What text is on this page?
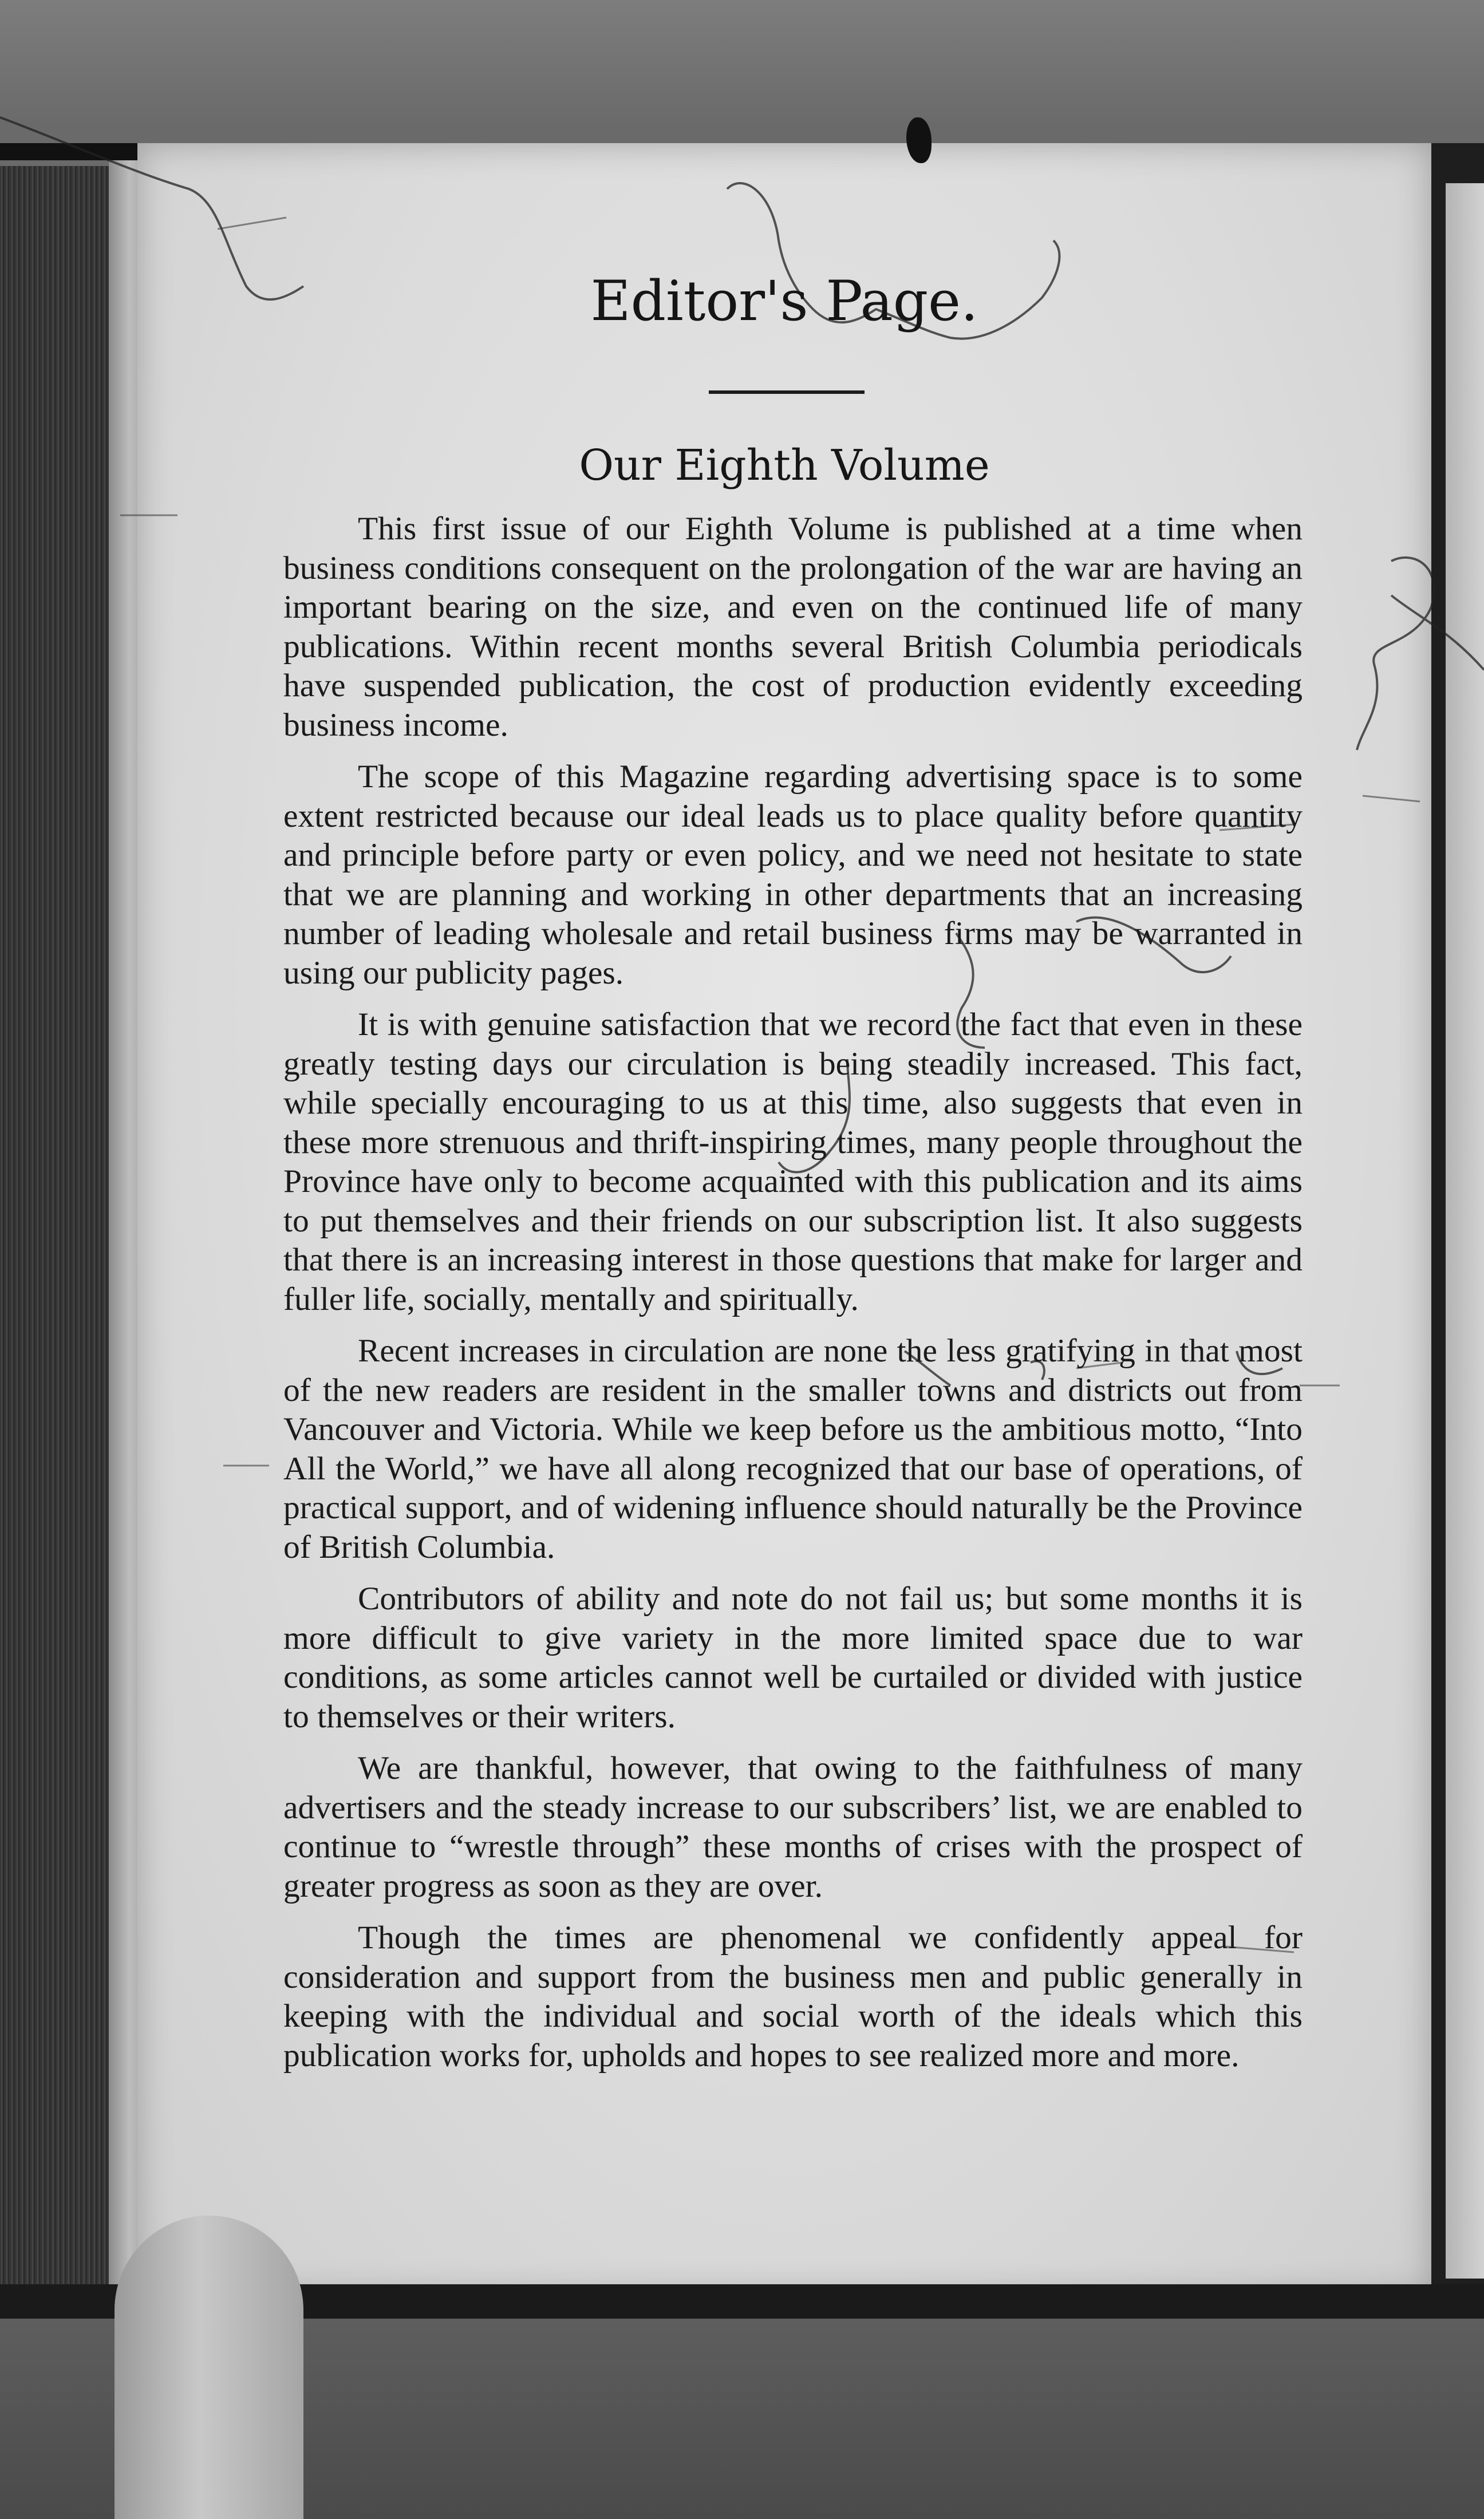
Editor's Page.
Our Eighth Volume

This first issue of our Eighth Volume is published at a time when business conditions consequent on the prolongation of the war are having an important bearing on the size, and even on the continued life of many publications. Within recent months several British Columbia periodicals have suspended publication, the cost of production evidently exceeding business income.

The scope of this Magazine regarding advertising space is to some extent restricted because our ideal leads us to place quality before quantity and principle before party or even policy, and we need not hesitate to state that we are planning and working in other departments that an increasing number of leading wholesale and retail business firms may be warranted in using our publicity pages.

It is with genuine satisfaction that we record the fact that even in these greatly testing days our circulation is being steadily increased. This fact, while specially encouraging to us at this time, also suggests that even in these more strenuous and thrift-inspiring times, many people throughout the Province have only to become acquainted with this publication and its aims to put themselves and their friends on our subscription list. It also suggests that there is an increasing interest in those questions that make for larger and fuller life, socially, mentally and spiritually.

Recent increases in circulation are none the less gratifying in that most of the new readers are resident in the smaller towns and districts out from Vancouver and Victoria. While we keep before us the ambitious motto, “Into All the World,” we have all along recognized that our base of operations, of practical support, and of widening influence should naturally be the Province of British Columbia.

Contributors of ability and note do not fail us; but some months it is more difficult to give variety in the more limited space due to war conditions, as some articles cannot well be curtailed or divided with justice to themselves or their writers.

We are thankful, however, that owing to the faithfulness of many advertisers and the steady increase to our subscribers’ list, we are enabled to continue to “wrestle through” these months of crises with the prospect of greater progress as soon as they are over.

Though the times are phenomenal we confidently appeal for consideration and support from the business men and public generally in keeping with the individual and social worth of the ideals which this publication works for, upholds and hopes to see realized more and more.
